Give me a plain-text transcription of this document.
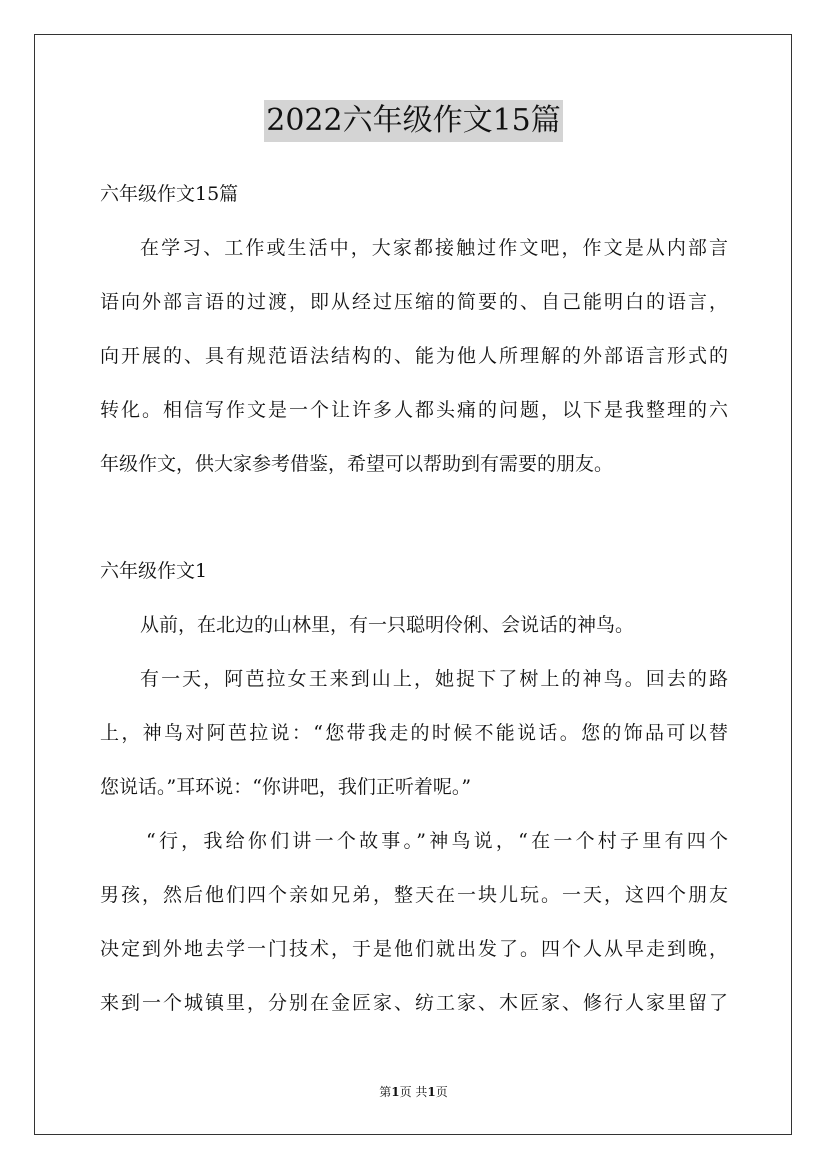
2022六年级作文15篇
六年级作文15篇
在学习、工作或生活中，大家都接触过作文吧，作文是从内部言
语向外部言语的过渡，即从经过压缩的简要的、自己能明白的语言，
向开展的、具有规范语法结构的、能为他人所理解的外部语言形式的
转化。相信写作文是一个让许多人都头痛的问题，以下是我整理的六
年级作文，供大家参考借鉴，希望可以帮助到有需要的朋友。
六年级作文1
从前，在北边的山林里，有一只聪明伶俐、会说话的神鸟。
有一天，阿芭拉女王来到山上，她捉下了树上的神鸟。回去的路
上，神鸟对阿芭拉说：“您带我走的时候不能说话。您的饰品可以替
您说话。”耳环说：“你讲吧，我们正听着呢。”
“行，我给你们讲一个故事。”神鸟说，“在一个村子里有四个
男孩，然后他们四个亲如兄弟，整天在一块儿玩。一天，这四个朋友
决定到外地去学一门技术，于是他们就出发了。四个人从早走到晚，
来到一个城镇里，分别在金匠家、纺工家、木匠家、修行人家里留了
第1页 共1页
